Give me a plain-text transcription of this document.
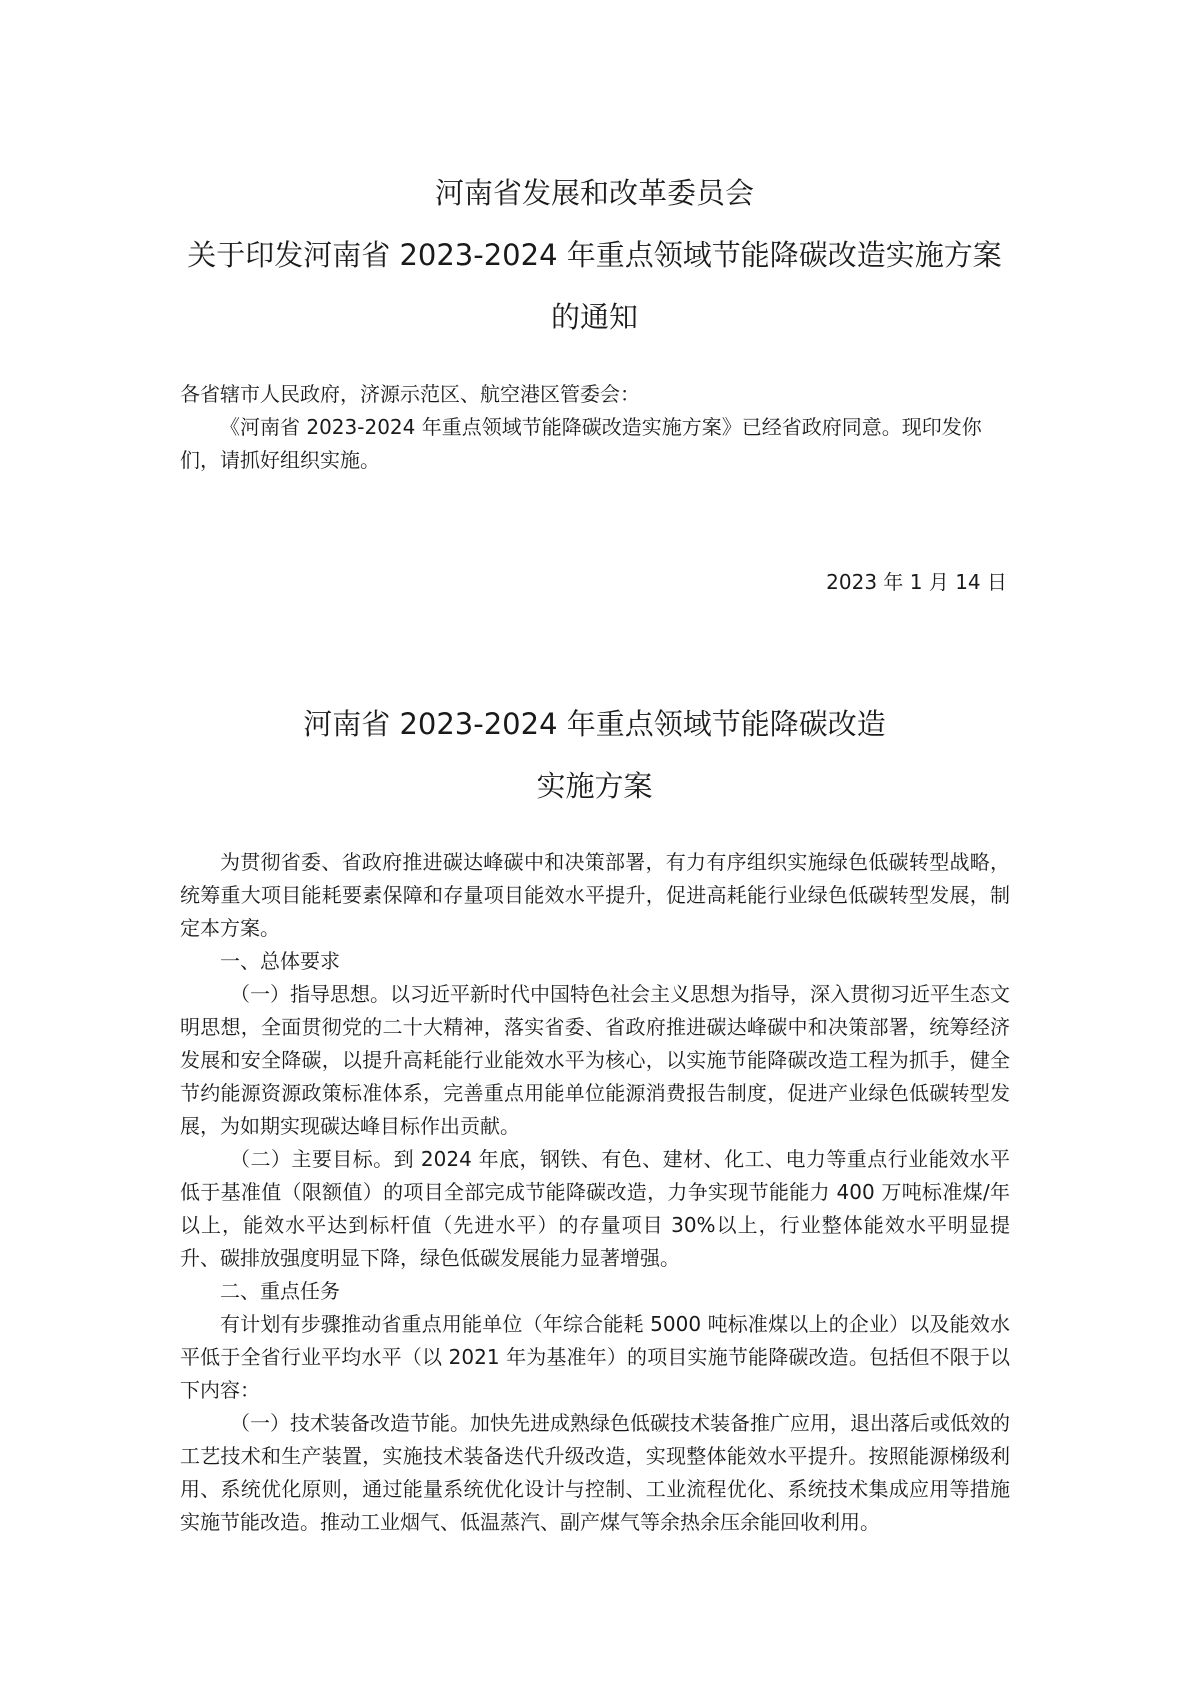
河南省发展和改革委员会
关于印发河南省 2023-2024 年重点领域节能降碳改造实施方案
的通知
各省辖市人民政府，济源示范区、航空港区管委会：
《河南省 2023-2024 年重点领域节能降碳改造实施方案》已经省政府同意。现印发你们，请抓好组织实施。
2023 年 1 月 14 日
河南省 2023-2024 年重点领域节能降碳改造
实施方案

为贯彻省委、省政府推进碳达峰碳中和决策部署，有力有序组织实施绿色低碳转型战略，统筹重大项目能耗要素保障和存量项目能效水平提升，促进高耗能行业绿色低碳转型发展，制定本方案。

一、总体要求

（一）指导思想。以习近平新时代中国特色社会主义思想为指导，深入贯彻习近平生态文明思想，全面贯彻党的二十大精神，落实省委、省政府推进碳达峰碳中和决策部署，统筹经济发展和安全降碳，以提升高耗能行业能效水平为核心，以实施节能降碳改造工程为抓手，健全节约能源资源政策标准体系，完善重点用能单位能源消费报告制度，促进产业绿色低碳转型发展，为如期实现碳达峰目标作出贡献。

（二）主要目标。到 2024 年底，钢铁、有色、建材、化工、电力等重点行业能效水平低于基准值（限额值）的项目全部完成节能降碳改造，力争实现节能能力 400 万吨标准煤/年以上，能效水平达到标杆值（先进水平）的存量项目 30%以上，行业整体能效水平明显提升、碳排放强度明显下降，绿色低碳发展能力显著增强。

二、重点任务

有计划有步骤推动省重点用能单位（年综合能耗 5000 吨标准煤以上的企业）以及能效水平低于全省行业平均水平（以 2021 年为基准年）的项目实施节能降碳改造。包括但不限于以下内容：

（一）技术装备改造节能。加快先进成熟绿色低碳技术装备推广应用，退出落后或低效的工艺技术和生产装置，实施技术装备迭代升级改造，实现整体能效水平提升。按照能源梯级利用、系统优化原则，通过能量系统优化设计与控制、工业流程优化、系统技术集成应用等措施实施节能改造。推动工业烟气、低温蒸汽、副产煤气等余热余压余能回收利用。
